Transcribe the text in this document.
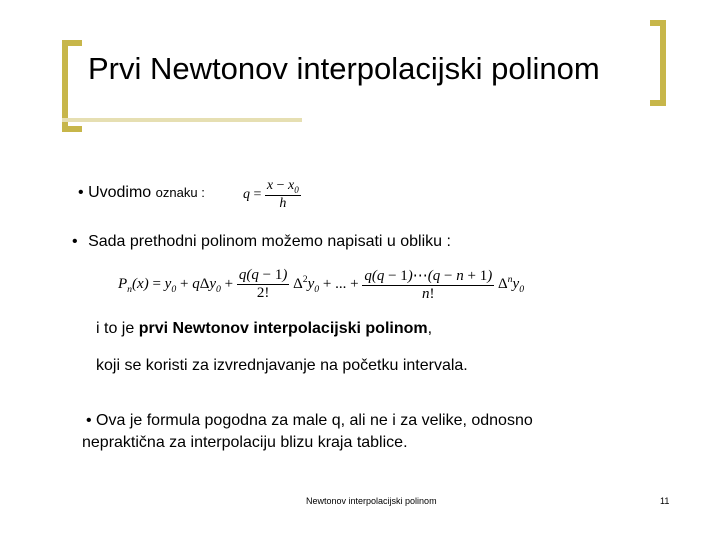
Prvi Newtonov interpolacijski polinom
• Uvodimo oznaku :	$q = \frac{x - x_0}{h}$
• Sada prethodni polinom možemo napisati u obliku :
$P_n(x) = y_0 + q\Delta y_0 + \frac{q(q - 1)}{2!} \Delta^2y_0$ + ... + $\frac{q(q - 1)\cdots(q - n + 1)}{n!} \Delta^ny_0$
i to je prvi Newtonov interpolacijski polinom,
koji se koristi za izvrednjavanje na početku intervala.
• Ova je formula pogodna za male q, ali ne i za velike, odnosno
nepraktična za interpolaciju blizu kraja tablice.
Newtonov interpolacijski polinom	11
